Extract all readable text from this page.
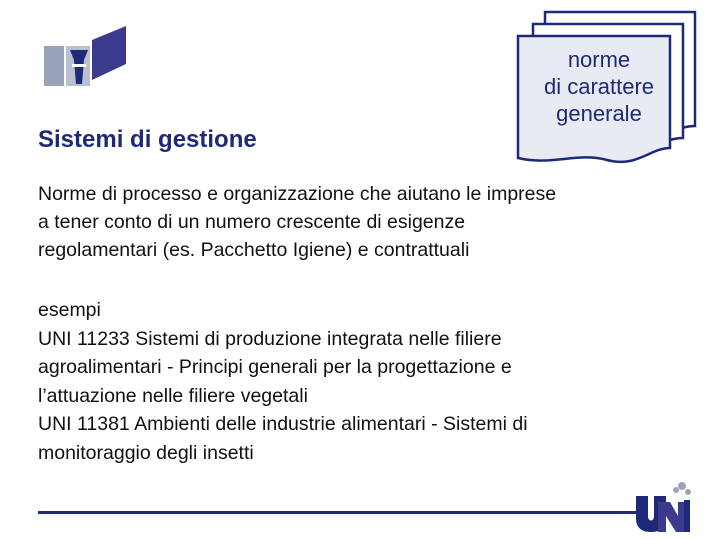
Sistemi di gestione
norme
di carattere
generale

Norme di processo e organizzazione che aiutano le imprese

a tener conto di un numero crescente di esigenze

regolamentari (es. Pacchetto Igiene) e contrattuali

esempi

UNI 11233 Sistemi di produzione integrata nelle filiere

agroalimentari - Principi generali per la progettazione e

l’attuazione nelle filiere vegetali

UNI 11381 Ambienti delle industrie alimentari - Sistemi di

monitoraggio degli insetti
